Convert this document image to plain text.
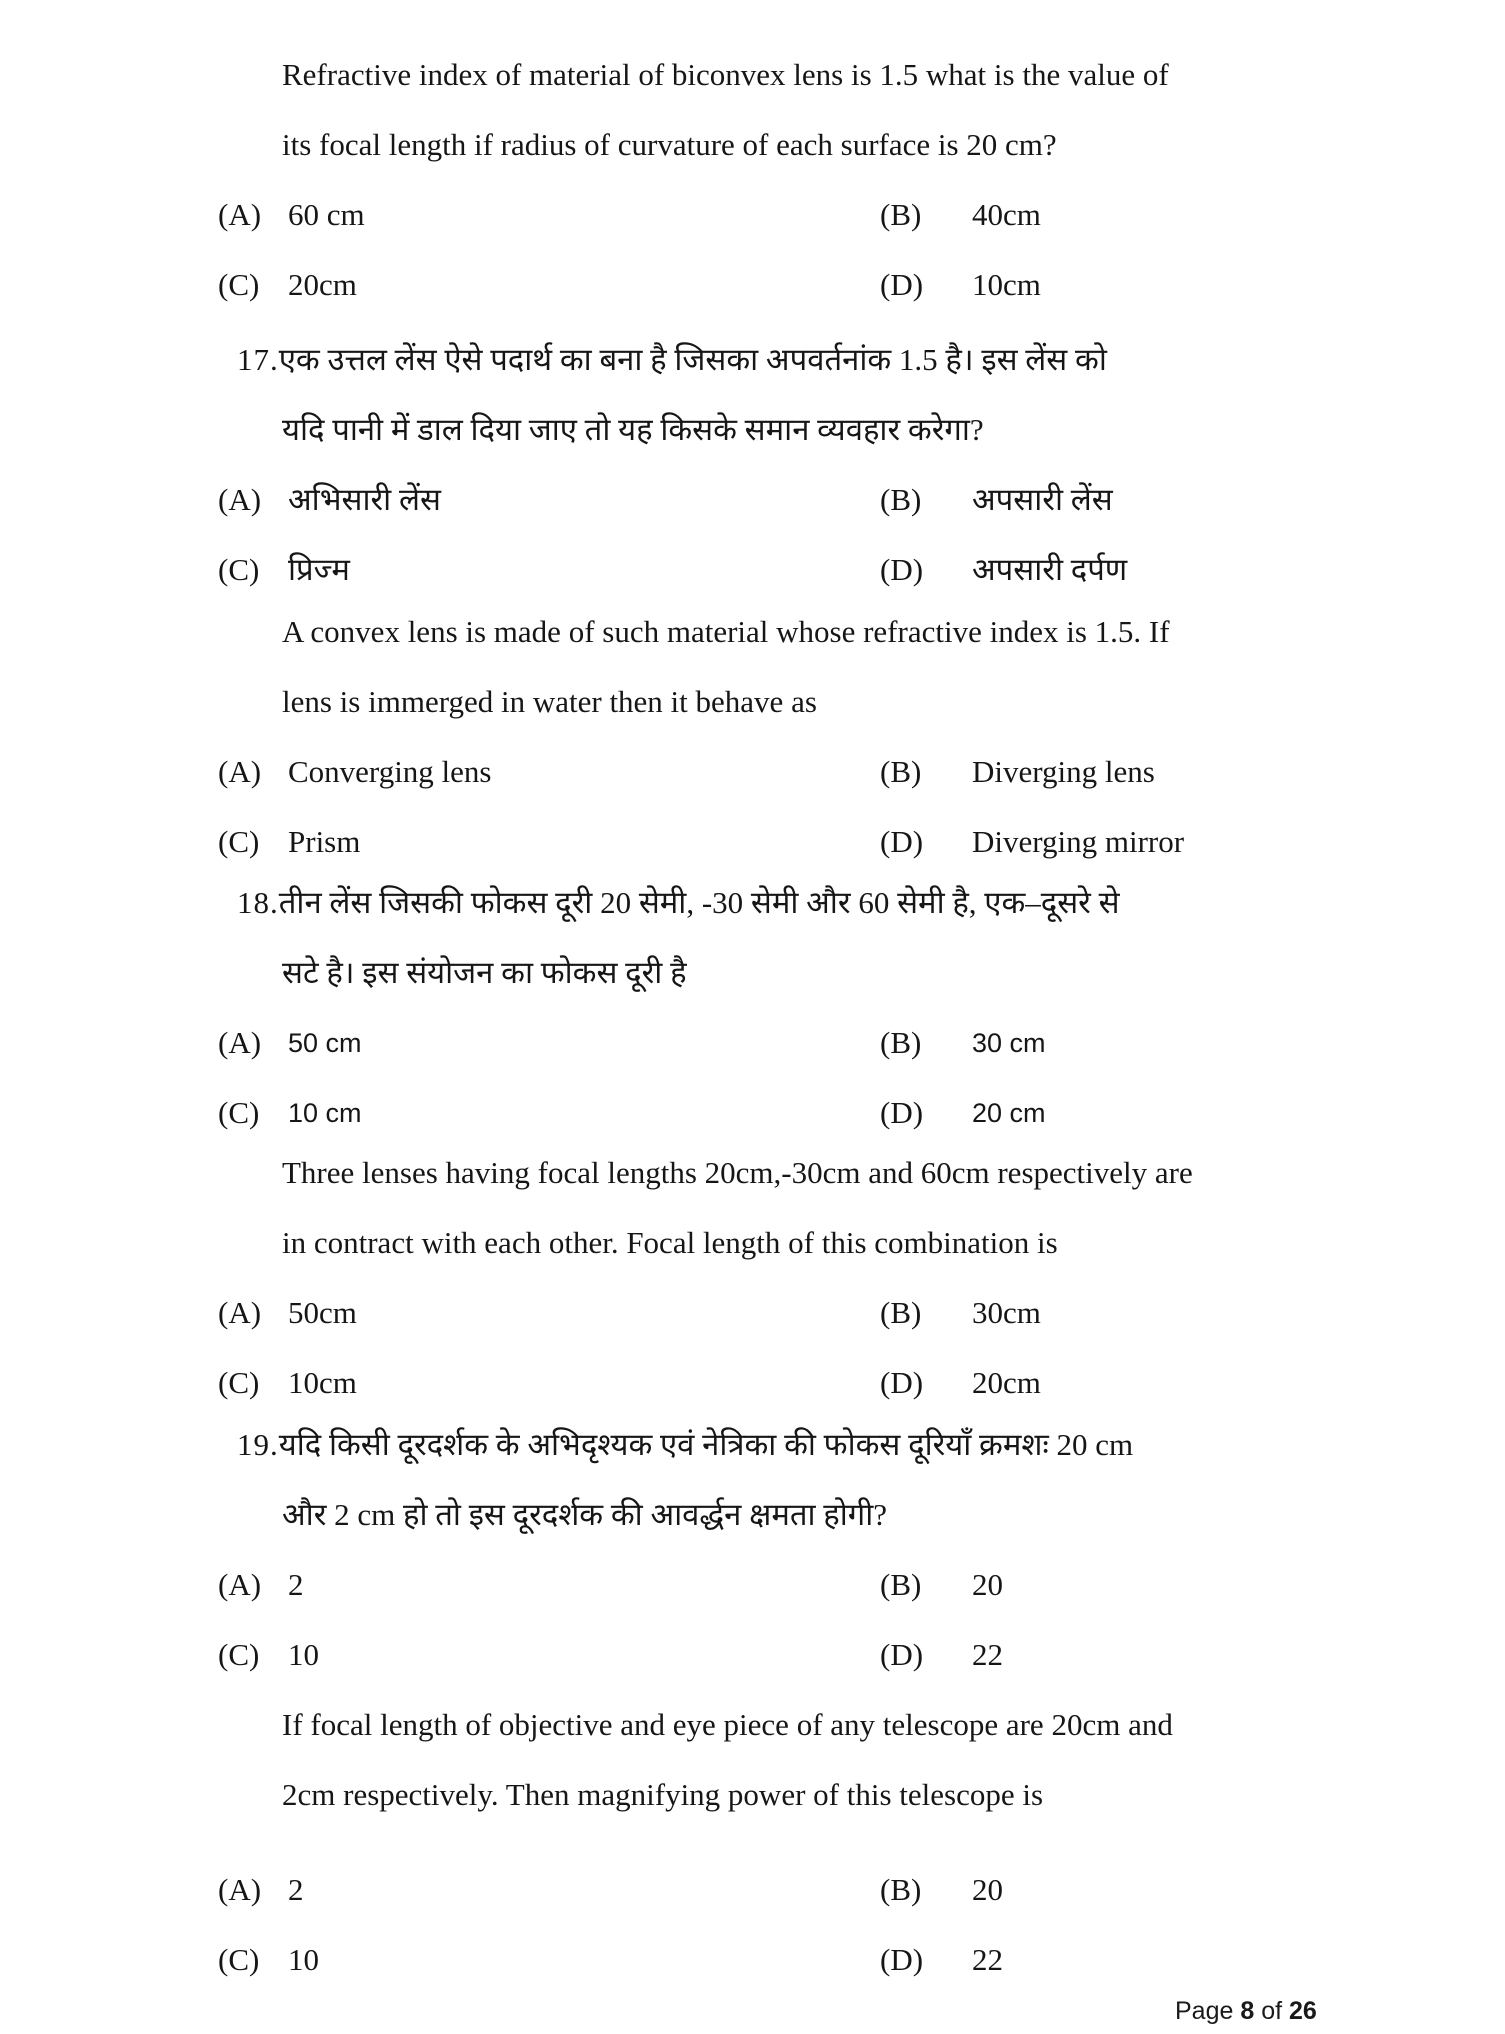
Refractive index of material of biconvex lens is 1.5 what is the value of
its focal length if radius of curvature of each surface is 20 cm?
(A) 60 cm	(B) 40cm
(C) 20cm	(D) 10cm
17.एक उत्तल लेंस ऐसे पदार्थ का बना है जिसका अपवर्तनांक 1.5 है। इस लेंस को
यदि पानी में डाल दिया जाए तो यह किसके समान व्यवहार करेगा?
(A) अभिसारी लेंस	(B) अपसारी लेंस
(C) प्रिज्म	(D) अपसारी दर्पण
A convex lens is made of such material whose refractive index is 1.5. If
lens is immerged in water then it behave as
(A) Converging lens	(B) Diverging lens
(C) Prism	(D) Diverging mirror
18.तीन लेंस जिसकी फोकस दूरी 20 सेमी, -30 सेमी और 60 सेमी है, एक–दूसरे से
सटे है। इस संयोजन का फोकस दूरी है
(A) 50 cm	(B) 30 cm
(C) 10 cm	(D) 20 cm
Three lenses having focal lengths 20cm,-30cm and 60cm respectively are
in contract with each other. Focal length of this combination is
(A) 50cm	(B) 30cm
(C) 10cm	(D) 20cm
19.यदि किसी दूरदर्शक के अभिदृश्यक एवं नेत्रिका की फोकस दूरियाँ क्रमशः 20 cm
और 2 cm हो तो इस दूरदर्शक की आवर्द्धन क्षमता होगी?
(A) 2	(B) 20
(C) 10	(D) 22
If focal length of objective and eye piece of any telescope are 20cm and
2cm respectively. Then magnifying power of this telescope is
(A) 2	(B) 20
(C) 10	(D) 22
Page 8 of 26
